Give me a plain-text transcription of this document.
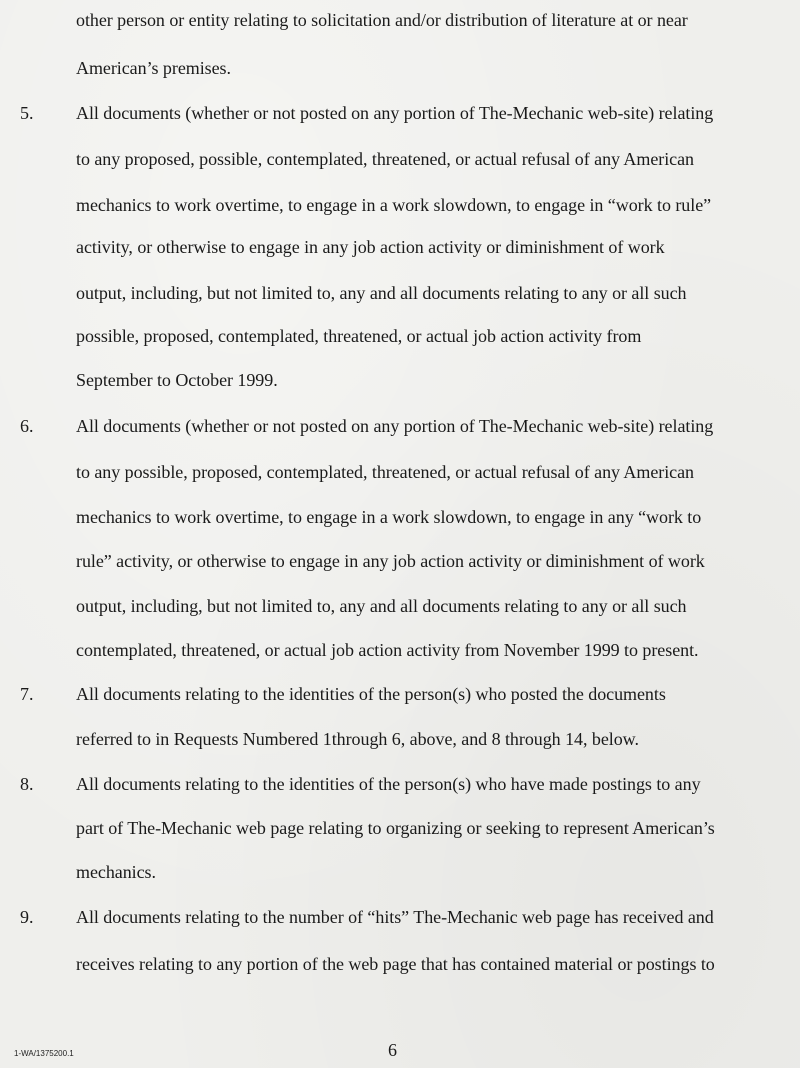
other person or entity relating to solicitation and/or distribution of literature at or near
American’s premises.
5. All documents (whether or not posted on any portion of The-Mechanic web-site) relating
to any proposed, possible, contemplated, threatened, or actual refusal of any American
mechanics to work overtime, to engage in a work slowdown, to engage in “work to rule”
activity, or otherwise to engage in any job action activity or diminishment of work
output, including, but not limited to, any and all documents relating to any or all such
possible, proposed, contemplated, threatened, or actual job action activity from
September to October 1999.
6. All documents (whether or not posted on any portion of The-Mechanic web-site) relating
to any possible, proposed, contemplated, threatened, or actual refusal of any American
mechanics to work overtime, to engage in a work slowdown, to engage in any “work to
rule” activity, or otherwise to engage in any job action activity or diminishment of work
output, including, but not limited to, any and all documents relating to any or all such
contemplated, threatened, or actual job action activity from November 1999 to present.
7. All documents relating to the identities of the person(s) who posted the documents
referred to in Requests Numbered 1through 6, above, and 8 through 14, below.
8. All documents relating to the identities of the person(s) who have made postings to any
part of The-Mechanic web page relating to organizing or seeking to represent American’s
mechanics.
9. All documents relating to the number of “hits” The-Mechanic web page has received and
receives relating to any portion of the web page that has contained material or postings to
1-WA/1375200.1	6
